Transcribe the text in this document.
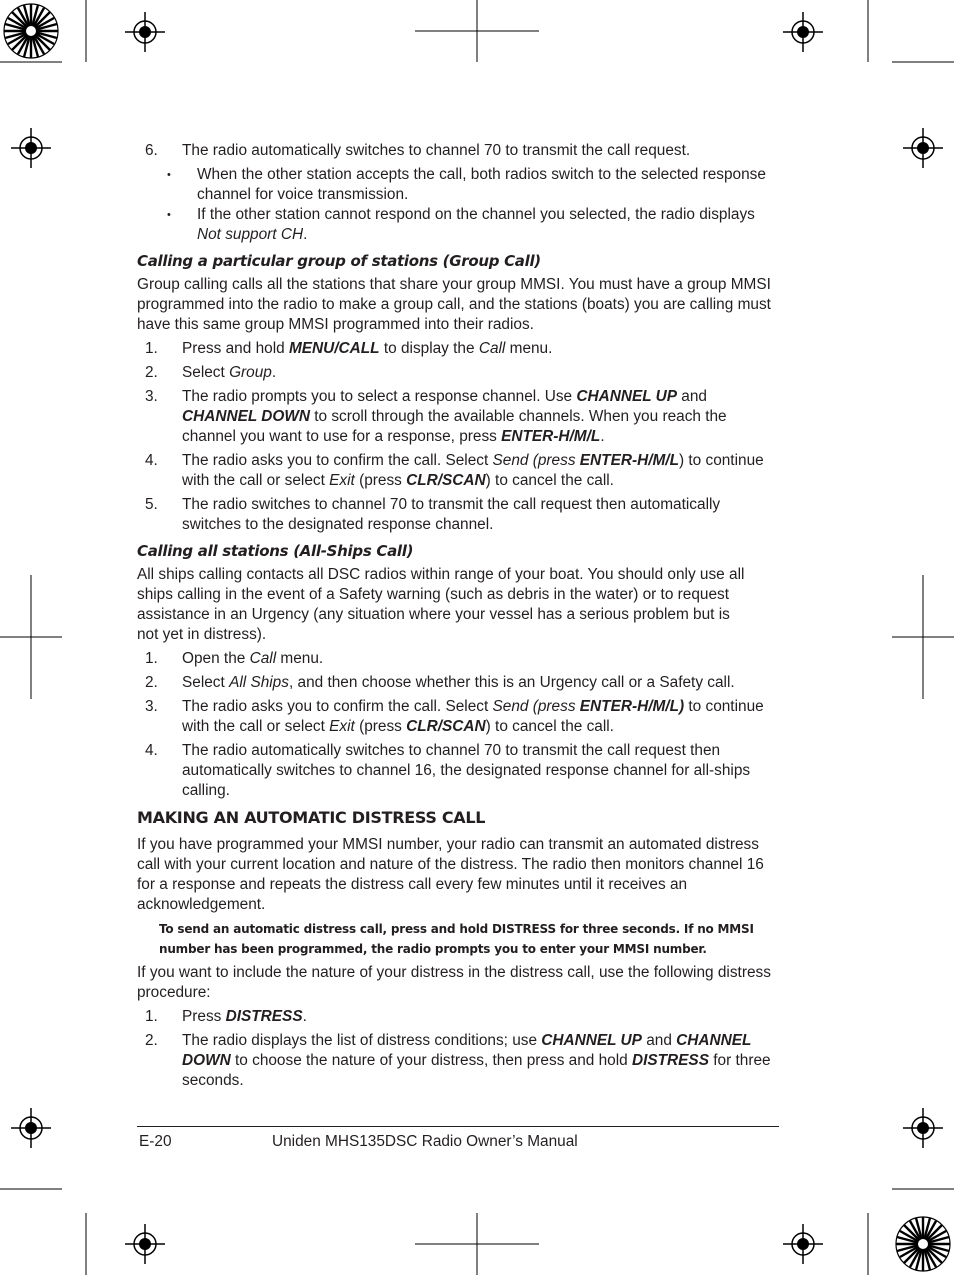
6.	The radio automatically switches to channel 70 to transmit the call request.
•	When the other station accepts the call, both radios switch to the selected response channel for voice transmission.
•	If the other station cannot respond on the channel you selected, the radio displays Not support CH.

Calling a particular group of stations (Group Call)

Group calling calls all the stations that share your group MMSI. You must have a group MMSI programmed into the radio to make a group call, and the stations (boats) you are calling must have this same group MMSI programmed into their radios.

1.	Press and hold MENU/CALL to display the Call menu.
2.	Select Group.
3.	The radio prompts you to select a response channel. Use CHANNEL UP and CHANNEL DOWN to scroll through the available channels. When you reach the channel you want to use for a response, press ENTER-H/M/L.
4.	The radio asks you to confirm the call. Select Send (press ENTER-H/M/L) to continue with the call or select Exit (press CLR/SCAN) to cancel the call.
5.	The radio switches to channel 70 to transmit the call request then automatically switches to the designated response channel.

Calling all stations (All-Ships Call)

All ships calling contacts all DSC radios within range of your boat. You should only use all ships calling in the event of a Safety warning (such as debris in the water) or to request assistance in an Urgency (any situation where your vessel has a serious problem but is not yet in distress).

1.	Open the Call menu.
2.	Select All Ships, and then choose whether this is an Urgency call or a Safety call.
3.	The radio asks you to confirm the call. Select Send (press ENTER-H/M/L) to continue with the call or select Exit (press CLR/SCAN) to cancel the call.
4.	The radio automatically switches to channel 70 to transmit the call request then automatically switches to channel 16, the designated response channel for all-ships calling.

MAKING AN AUTOMATIC DISTRESS CALL

If you have programmed your MMSI number, your radio can transmit an automated distress call with your current location and nature of the distress. The radio then monitors channel 16 for a response and repeats the distress call every few minutes until it receives an acknowledgement.

To send an automatic distress call, press and hold DISTRESS for three seconds. If no MMSI number has been programmed, the radio prompts you to enter your MMSI number.

If you want to include the nature of your distress in the distress call, use the following distress procedure:

1.	Press DISTRESS.
2.	The radio displays the list of distress conditions; use CHANNEL UP and CHANNEL DOWN to choose the nature of your distress, then press and hold DISTRESS for three seconds.
E-20	Uniden MHS135DSC Radio Owner’s Manual
